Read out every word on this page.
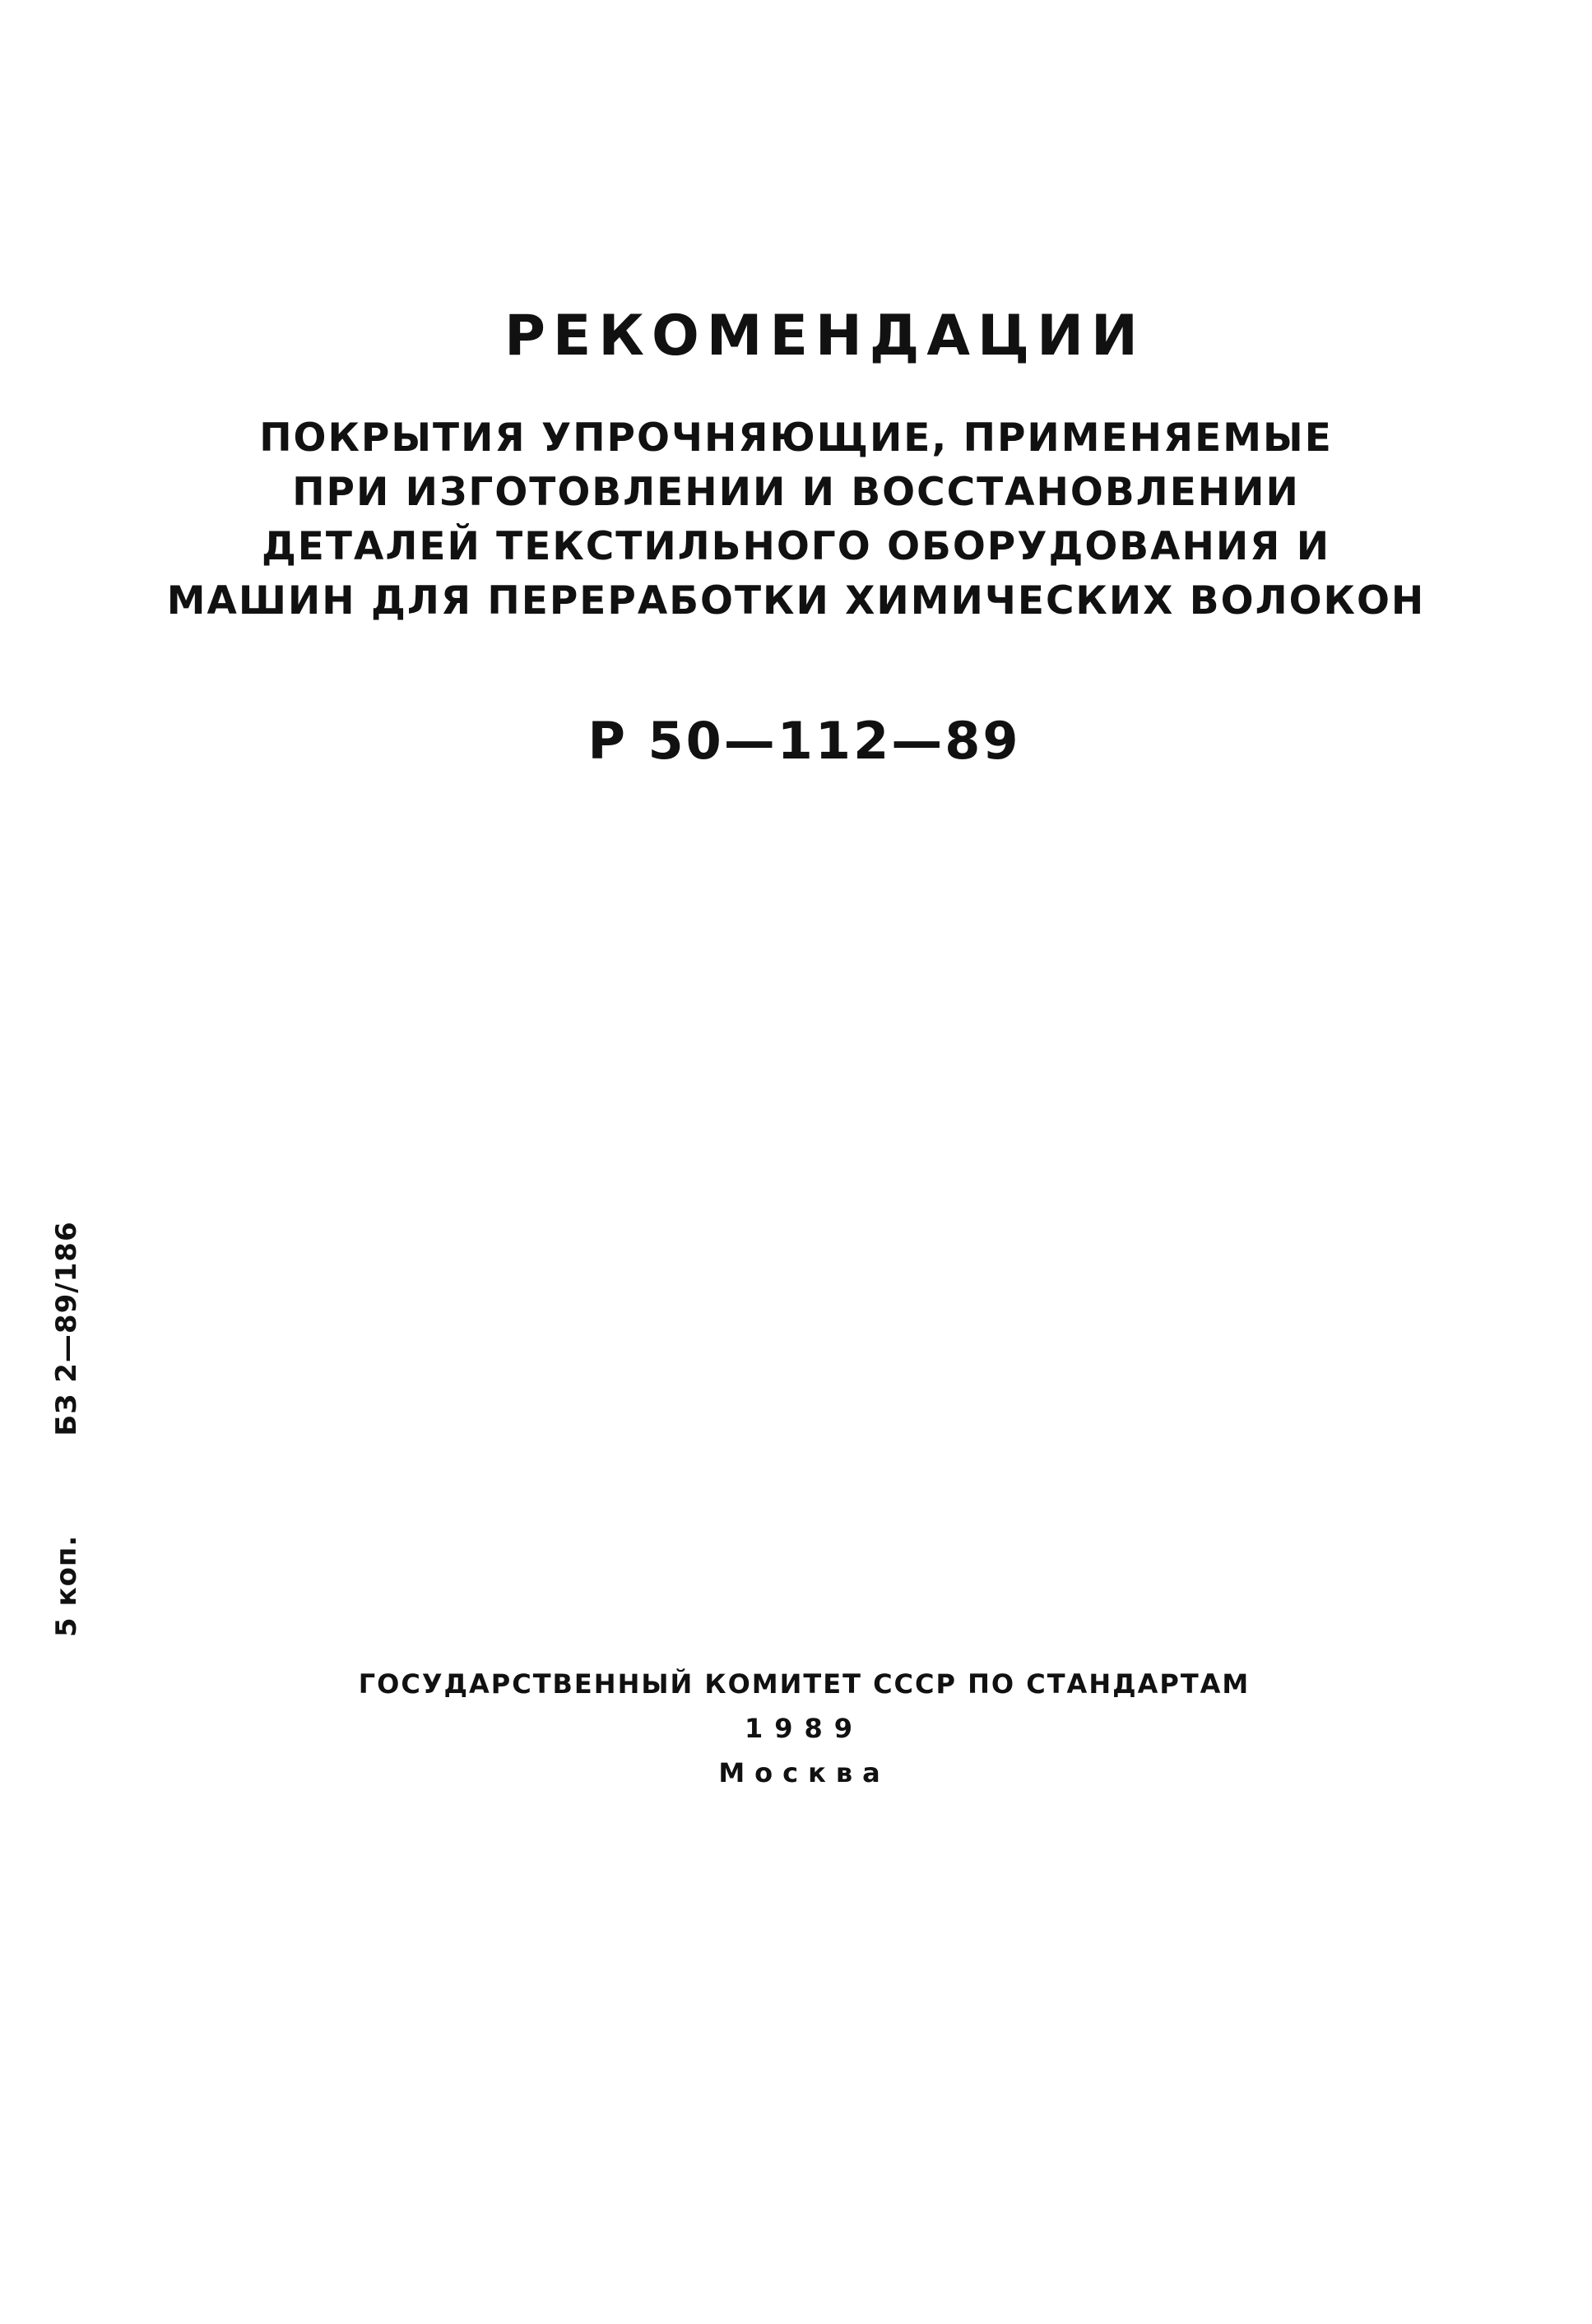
РЕКОМЕНДАЦИИ
ПОКРЫТИЯ УПРОЧНЯЮЩИЕ, ПРИМЕНЯЕМЫЕ
ПРИ ИЗГОТОВЛЕНИИ И ВОССТАНОВЛЕНИИ
ДЕТАЛЕЙ ТЕКСТИЛЬНОГО ОБОРУДОВАНИЯ И
МАШИН ДЛЯ ПЕРЕРАБОТКИ ХИМИЧЕСКИХ ВОЛОКОН
Р 50—112—89
5 коп.БЗ 2—89/186
ГОСУДАРСТВЕННЫЙ КОМИТЕТ СССР ПО СТАНДАРТАМ
1989
Москва
